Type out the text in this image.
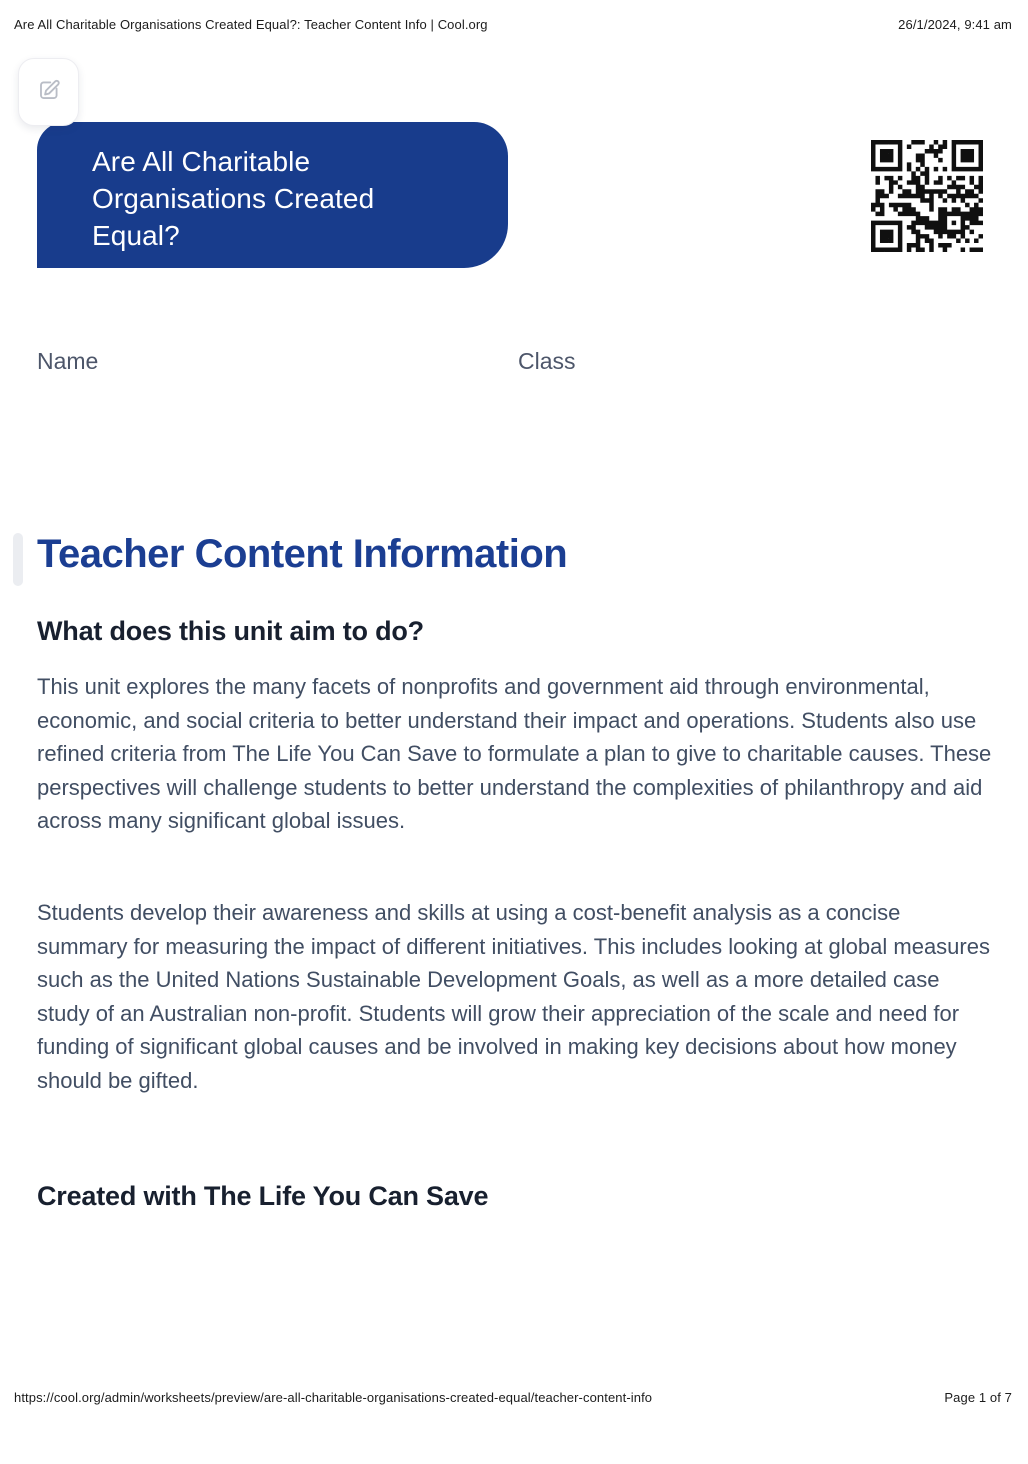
Are All Charitable Organisations Created Equal?: Teacher Content Info | Cool.org	26/1/2024, 9:41 am
Are All Charitable Organisations Created Equal?
Name	Class
Teacher Content Information
What does this unit aim to do?

This unit explores the many facets of nonprofits and government aid through environmental, economic, and social criteria to better understand their impact and operations. Students also use refined criteria from The Life You Can Save to formulate a plan to give to charitable causes. These perspectives will challenge students to better understand the complexities of philanthropy and aid across many significant global issues.

Students develop their awareness and skills at using a cost-benefit analysis as a concise summary for measuring the impact of different initiatives. This includes looking at global measures such as the United Nations Sustainable Development Goals, as well as a more detailed case study of an Australian non-profit. Students will grow their appreciation of the scale and need for funding of significant global causes and be involved in making key decisions about how money should be gifted.

Created with The Life You Can Save
https://cool.org/admin/worksheets/preview/are-all-charitable-organisations-created-equal/teacher-content-info	Page 1 of 7
